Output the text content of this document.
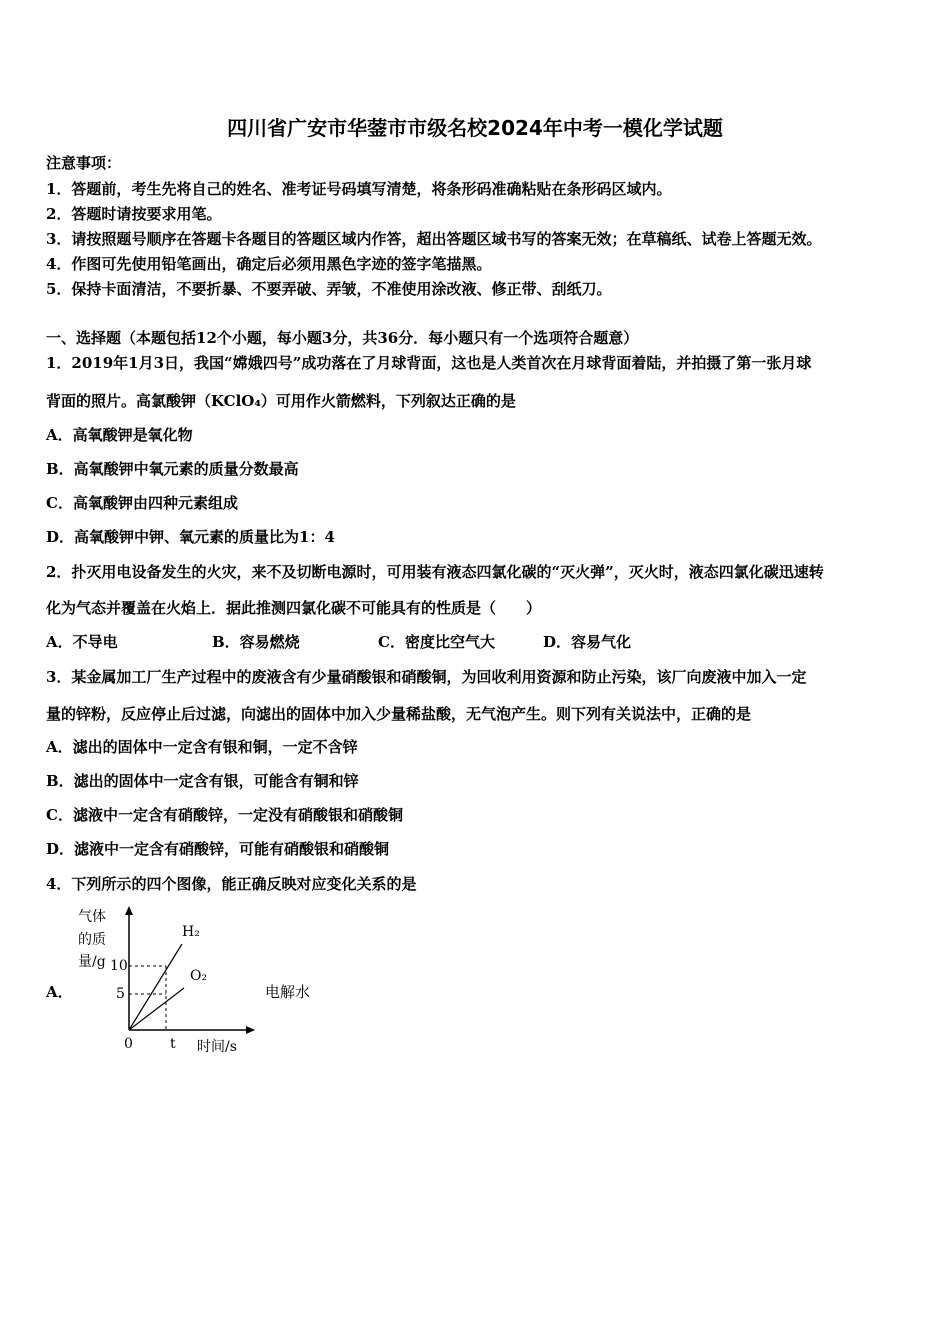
四川省广安市华蓥市市级名校2024年中考一模化学试题
注意事项：
1．答题前，考生先将自己的姓名、准考证号码填写清楚，将条形码准确粘贴在条形码区域内。
2．答题时请按要求用笔。
3．请按照题号顺序在答题卡各题目的答题区域内作答，超出答题区域书写的答案无效；在草稿纸、试卷上答题无效。
4．作图可先使用铅笔画出，确定后必须用黑色字迹的签字笔描黑。
5．保持卡面清洁，不要折暴、不要弄破、弄皱，不准使用涂改液、修正带、刮纸刀。
一、选择题（本题包括12个小题，每小题3分，共36分．每小题只有一个选项符合题意）
1．2019年1月3日，我国“嫦娥四号”成功落在了月球背面，这也是人类首次在月球背面着陆，并拍摄了第一张月球
背面的照片。高氯酸钾（KClO₄）可用作火箭燃料，下列叙达正确的是
A．高氧酸钾是氧化物
B．高氧酸钾中氧元素的质量分数最高
C．高氧酸钾由四种元素组成
D．高氧酸钾中钾、氧元素的质量比为1：4
2．扑灭用电设备发生的火灾，来不及切断电源时，可用装有液态四氯化碳的“灭火弹”，灭火时，液态四氯化碳迅速转
化为气态并覆盖在火焰上．据此推测四氯化碳不可能具有的性质是（　　）
A．不导电	B．容易燃烧	C．密度比空气大	D．容易气化
3．某金属加工厂生产过程中的废液含有少量硝酸银和硝酸铜，为回收利用资源和防止污染，该厂向废液中加入一定
量的锌粉，反应停止后过滤，向滤出的固体中加入少量稀盐酸，无气泡产生。则下列有关说法中，正确的是
A．滤出的固体中一定含有银和铜，一定不含锌
B．滤出的固体中一定含有银，可能含有铜和锌
C．滤液中一定含有硝酸锌，一定没有硝酸银和硝酸铜
D．滤液中一定含有硝酸锌，可能有硝酸银和硝酸铜
4．下列所示的四个图像，能正确反映对应变化关系的是
A．	电解水
气体
的质
量/g 10
5
0	t 时间/s
H₂
O₂
